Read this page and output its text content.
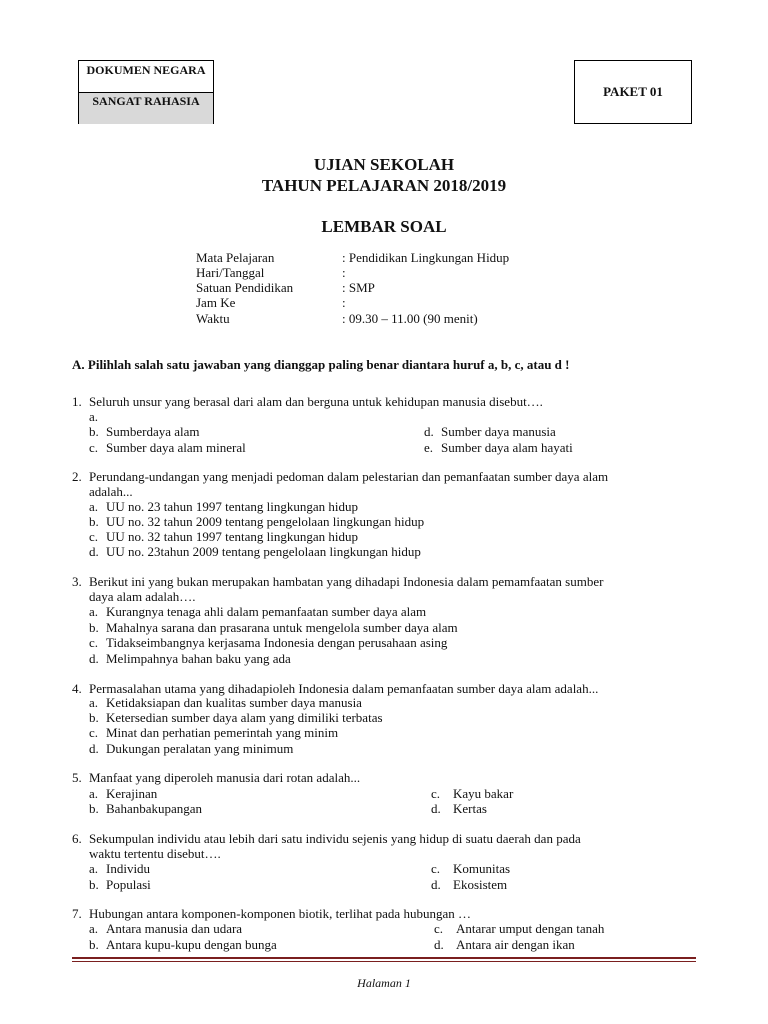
DOKUMEN NEGARA
SANGAT RAHASIA
PAKET 01
UJIAN SEKOLAH
TAHUN PELAJARAN 2018/2019
LEMBAR SOAL
Mata Pelajaran	: Pendidikan Lingkungan Hidup
Hari/Tanggal	:
Satuan Pendidikan	: SMP
Jam Ke	:
Waktu	: 09.30 – 11.00 (90 menit)
A. Pilihlah salah satu jawaban yang dianggap paling benar diantara huruf a, b, c, atau d !
1. Seluruh unsur yang berasal dari alam dan berguna untuk kehidupan manusia disebut….
a.
b. Sumberdaya alam
c. Sumber daya alam mineral
d. Sumber daya manusia
e. Sumber daya alam hayati
2. Perundang-undangan yang menjadi pedoman dalam pelestarian dan pemanfaatan sumber daya alam
adalah...
a. UU no. 23 tahun 1997 tentang lingkungan hidup
b. UU no. 32 tahun 2009 tentang pengelolaan lingkungan hidup
c. UU no. 32 tahun 1997 tentang lingkungan hidup
d. UU no. 23tahun 2009 tentang pengelolaan lingkungan hidup
3. Berikut ini yang bukan merupakan hambatan yang dihadapi Indonesia dalam pemamfaatan sumber
daya alam adalah….
a. Kurangnya tenaga ahli dalam pemanfaatan sumber daya alam
b. Mahalnya sarana dan prasarana untuk mengelola sumber daya alam
c. Tidakseimbangnya kerjasama Indonesia dengan perusahaan asing
d. Melimpahnya bahan baku yang ada
4. Permasalahan utama yang dihadapioleh Indonesia dalam pemanfaatan sumber daya alam adalah...
a. Ketidaksiapan dan kualitas sumber daya manusia
b. Ketersedian sumber daya alam yang dimiliki terbatas
c. Minat dan perhatian pemerintah yang minim
d. Dukungan peralatan yang minimum
5. Manfaat yang diperoleh manusia dari rotan adalah...
a. Kerajinan
b. Bahanbakupangan
c. Kayu bakar
d. Kertas
6. Sekumpulan individu atau lebih dari satu individu sejenis yang hidup di suatu daerah dan pada
waktu tertentu disebut….
a. Individu
b. Populasi
c. Komunitas
d. Ekosistem
7. Hubungan antara komponen-komponen biotik, terlihat pada hubungan …
a. Antara manusia dan udara
b. Antara kupu-kupu dengan bunga
c. Antarar umput dengan tanah
d. Antara air dengan ikan
Halaman 1
